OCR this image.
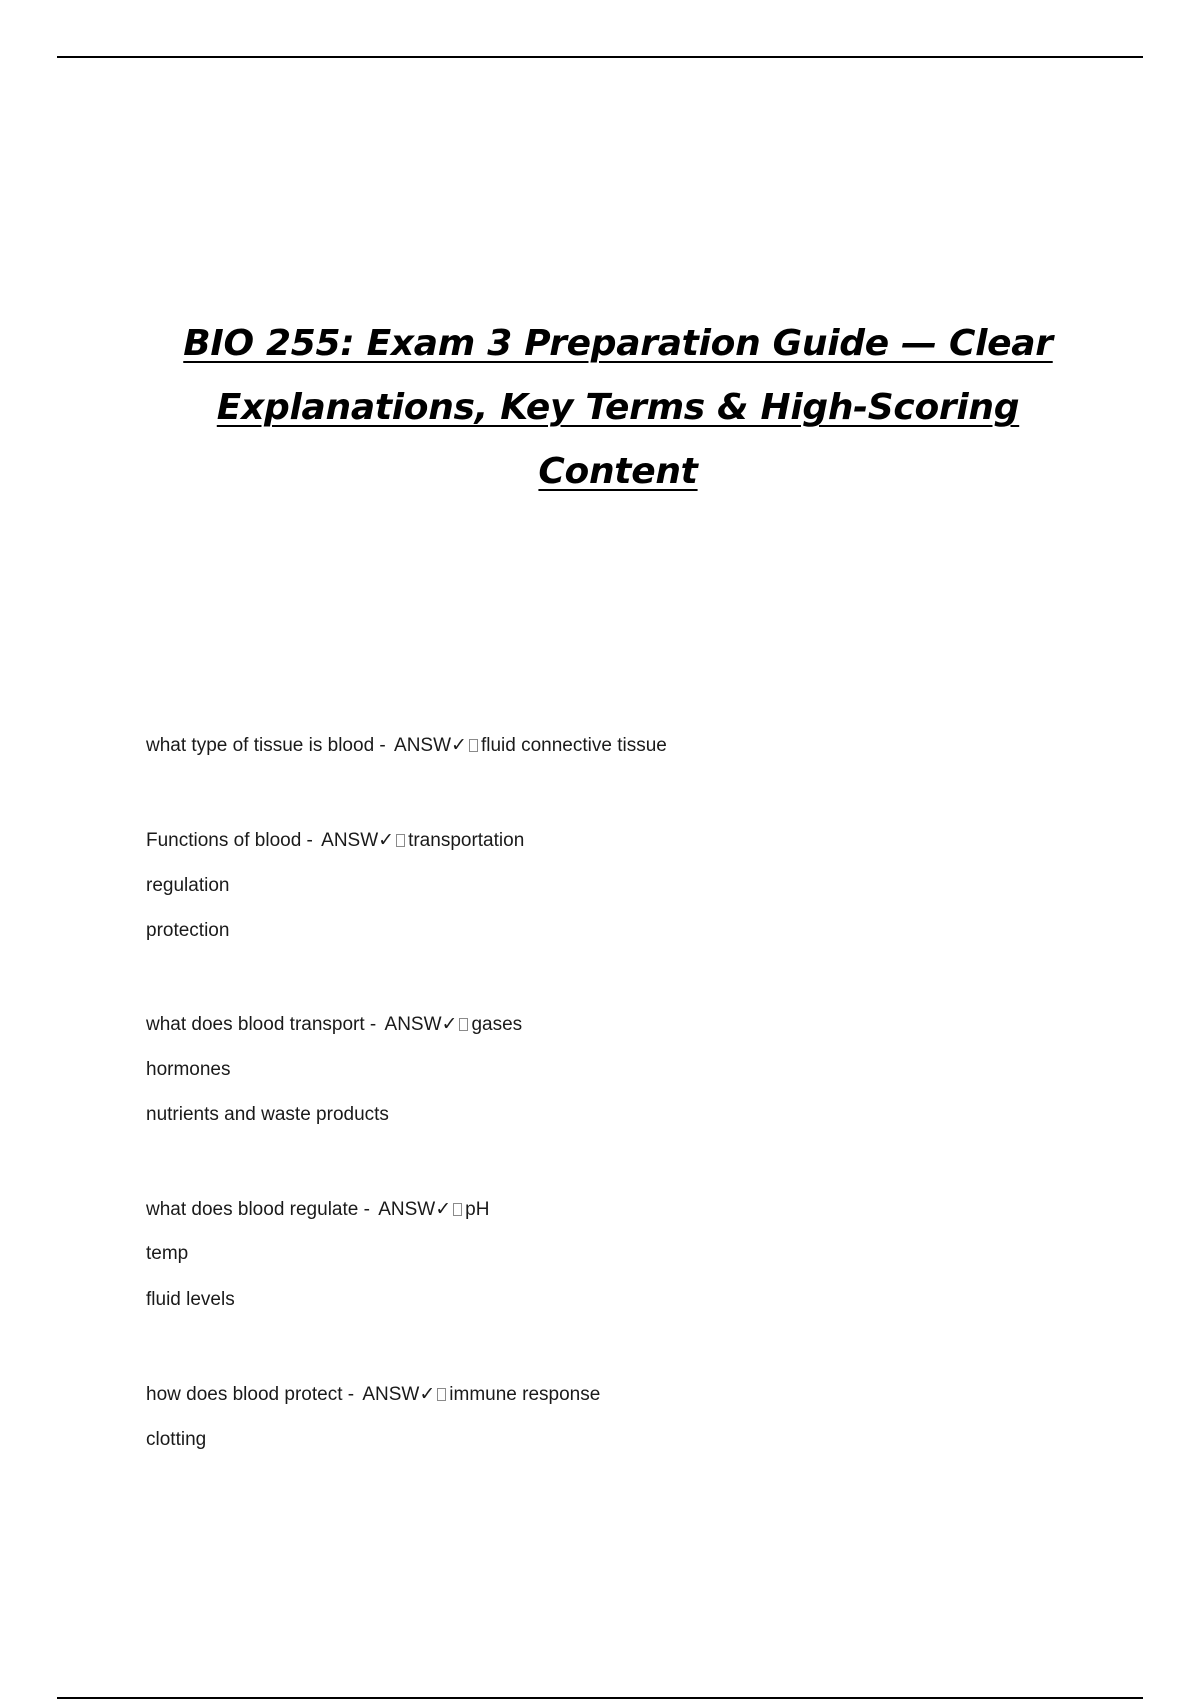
BIO 255: Exam 3 Preparation Guide — Clear
Explanations, Key Terms & High-Scoring
Content
what type of tissue is blood - ANSW✓ fluid connective tissue
Functions of blood - ANSW✓ transportation
regulation
protection
what does blood transport - ANSW✓ gases
hormones
nutrients and waste products
what does blood regulate - ANSW✓ pH
temp
fluid levels
how does blood protect - ANSW✓ immune response
clotting
